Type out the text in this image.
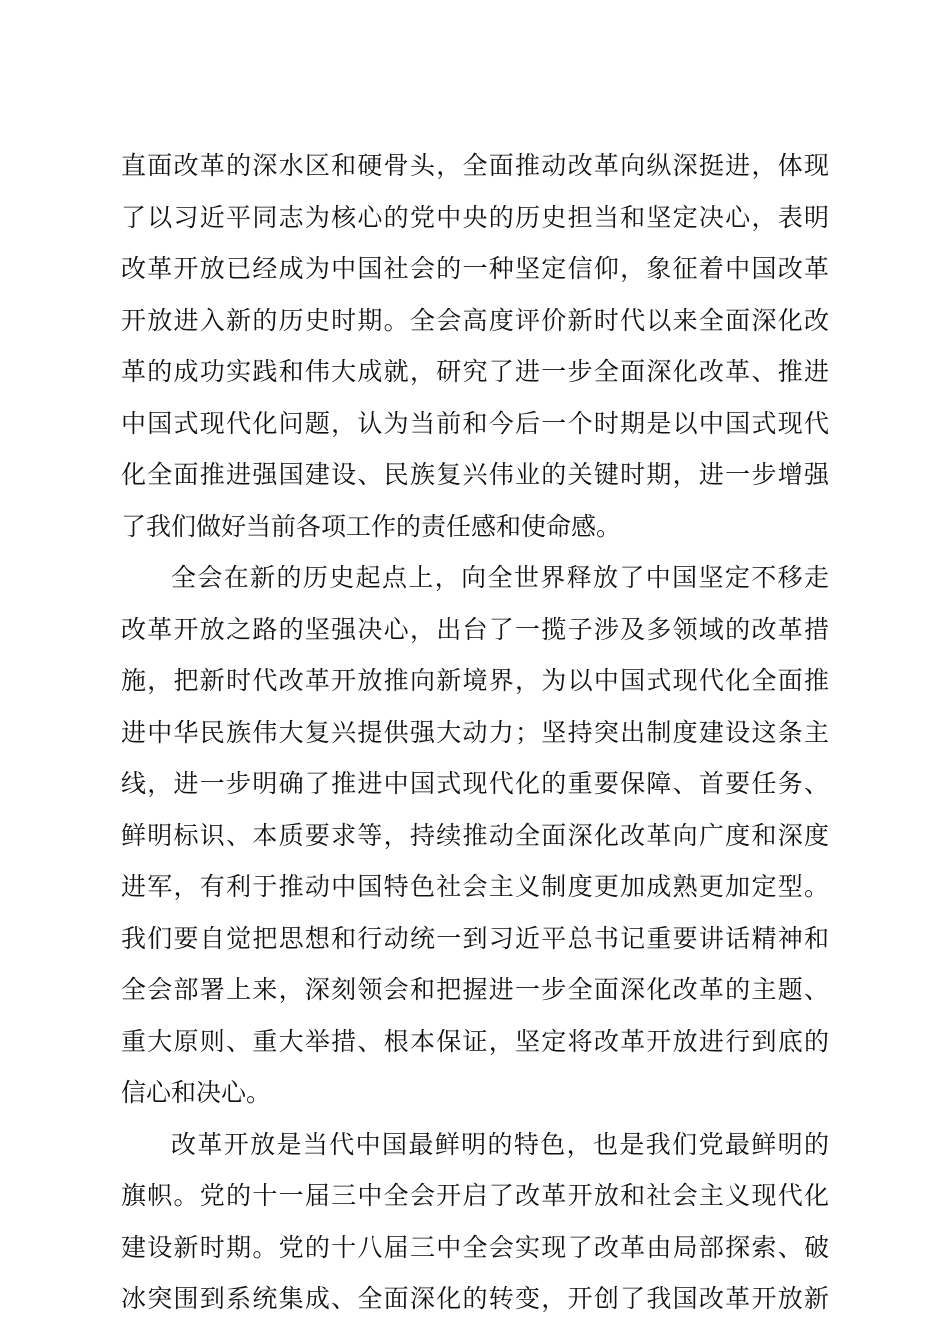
直面改革的深水区和硬骨头，全面推动改革向纵深挺进，体现
了以习近平同志为核心的党中央的历史担当和坚定决心，表明
改革开放已经成为中国社会的一种坚定信仰，象征着中国改革
开放进入新的历史时期。全会高度评价新时代以来全面深化改
革的成功实践和伟大成就，研究了进一步全面深化改革、推进
中国式现代化问题，认为当前和今后一个时期是以中国式现代
化全面推进强国建设、民族复兴伟业的关键时期，进一步增强
了我们做好当前各项工作的责任感和使命感。
全会在新的历史起点上，向全世界释放了中国坚定不移走
改革开放之路的坚强决心，出台了一揽子涉及多领域的改革措
施，把新时代改革开放推向新境界，为以中国式现代化全面推
进中华民族伟大复兴提供强大动力；坚持突出制度建设这条主
线，进一步明确了推进中国式现代化的重要保障、首要任务、
鲜明标识、本质要求等，持续推动全面深化改革向广度和深度
进军，有利于推动中国特色社会主义制度更加成熟更加定型。
我们要自觉把思想和行动统一到习近平总书记重要讲话精神和
全会部署上来，深刻领会和把握进一步全面深化改革的主题、
重大原则、重大举措、根本保证，坚定将改革开放进行到底的
信心和决心。
改革开放是当代中国最鲜明的特色，也是我们党最鲜明的
旗帜。党的十一届三中全会开启了改革开放和社会主义现代化
建设新时期。党的十八届三中全会实现了改革由局部探索、破
冰突围到系统集成、全面深化的转变，开创了我国改革开放新
